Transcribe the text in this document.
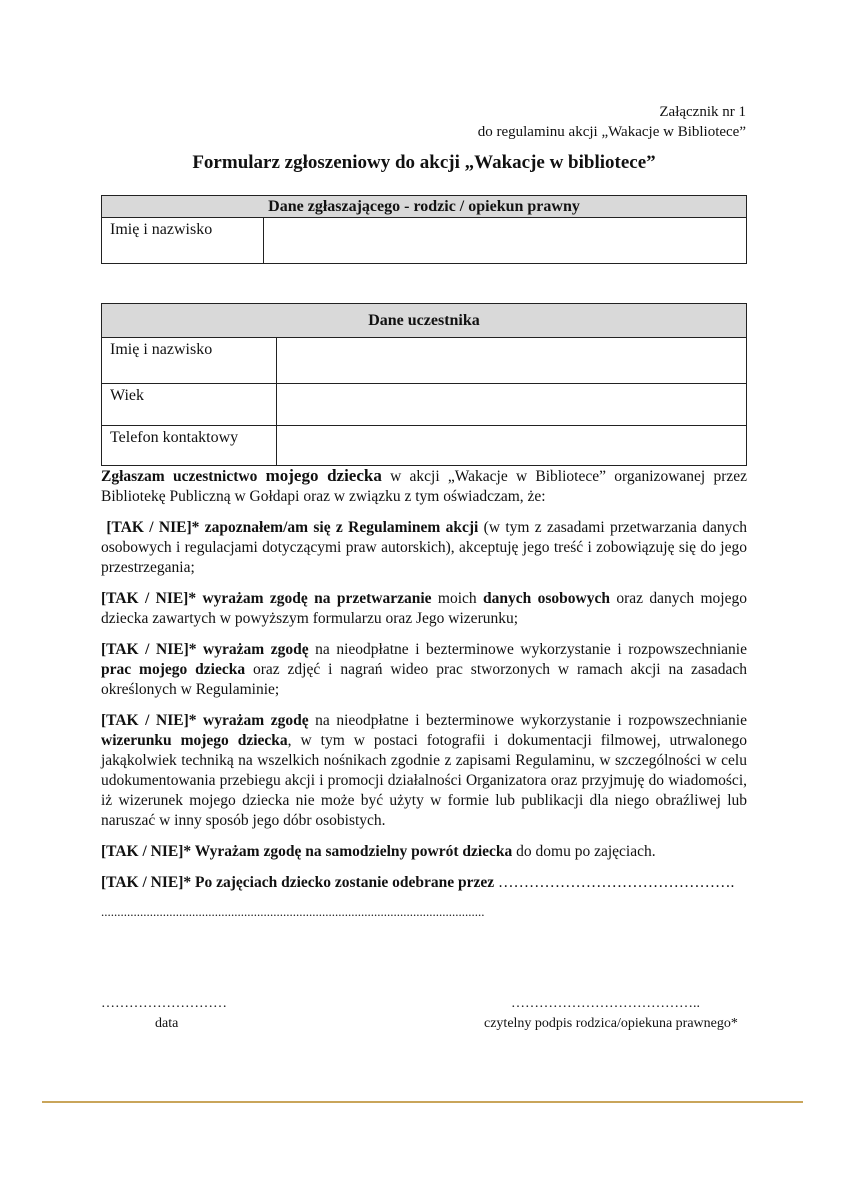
Załącznik nr 1
do regulaminu akcji „Wakacje w Bibliotece”
Formularz zgłoszeniowy do akcji „Wakacje w bibliotece”
Dane zgłaszającego - rodzic / opiekun prawny
Imię i nazwisko	
Dane uczestnika	
Imię i nazwisko	
Wiek	
Telefon kontaktowy	

Zgłaszam uczestnictwo mojego dziecka w akcji „Wakacje w Bibliotece” organizowanej przez Bibliotekę Publiczną w Gołdapi oraz w związku z tym oświadczam, że:

[TAK / NIE]* zapoznałem/am się z Regulaminem akcji (w tym z zasadami przetwarzania danych osobowych i regulacjami dotyczącymi praw autorskich), akceptuję jego treść i zobowiązuję się do jego przestrzegania;

[TAK / NIE]* wyrażam zgodę na przetwarzanie moich danych osobowych oraz danych mojego dziecka zawartych w powyższym formularzu oraz Jego wizerunku;

[TAK / NIE]* wyrażam zgodę na nieodpłatne i bezterminowe wykorzystanie i rozpowszechnianie prac mojego dziecka oraz zdjęć i nagrań wideo prac stworzonych w ramach akcji na zasadach określonych w Regulaminie;

[TAK / NIE]* wyrażam zgodę na nieodpłatne i bezterminowe wykorzystanie i rozpowszechnianie wizerunku mojego dziecka, w tym w postaci fotografii i dokumentacji filmowej, utrwalonego jakąkolwiek techniką na wszelkich nośnikach zgodnie z zapisami Regulaminu, w szczególności w celu udokumentowania przebiegu akcji i promocji działalności Organizatora oraz przyjmuję do wiadomości, iż wizerunek mojego dziecka nie może być użyty w formie lub publikacji dla niego obraźliwej lub naruszać w inny sposób jego dóbr osobistych.

[TAK / NIE]* Wyrażam zgodę na samodzielny powrót dziecka do domu po zajęciach.

[TAK / NIE]* Po zajęciach dziecko zostanie odebrane przez ……………………………………….

......................................................................................................................
………………………
data
…………………………………..
czytelny podpis rodzica/opiekuna prawnego*
